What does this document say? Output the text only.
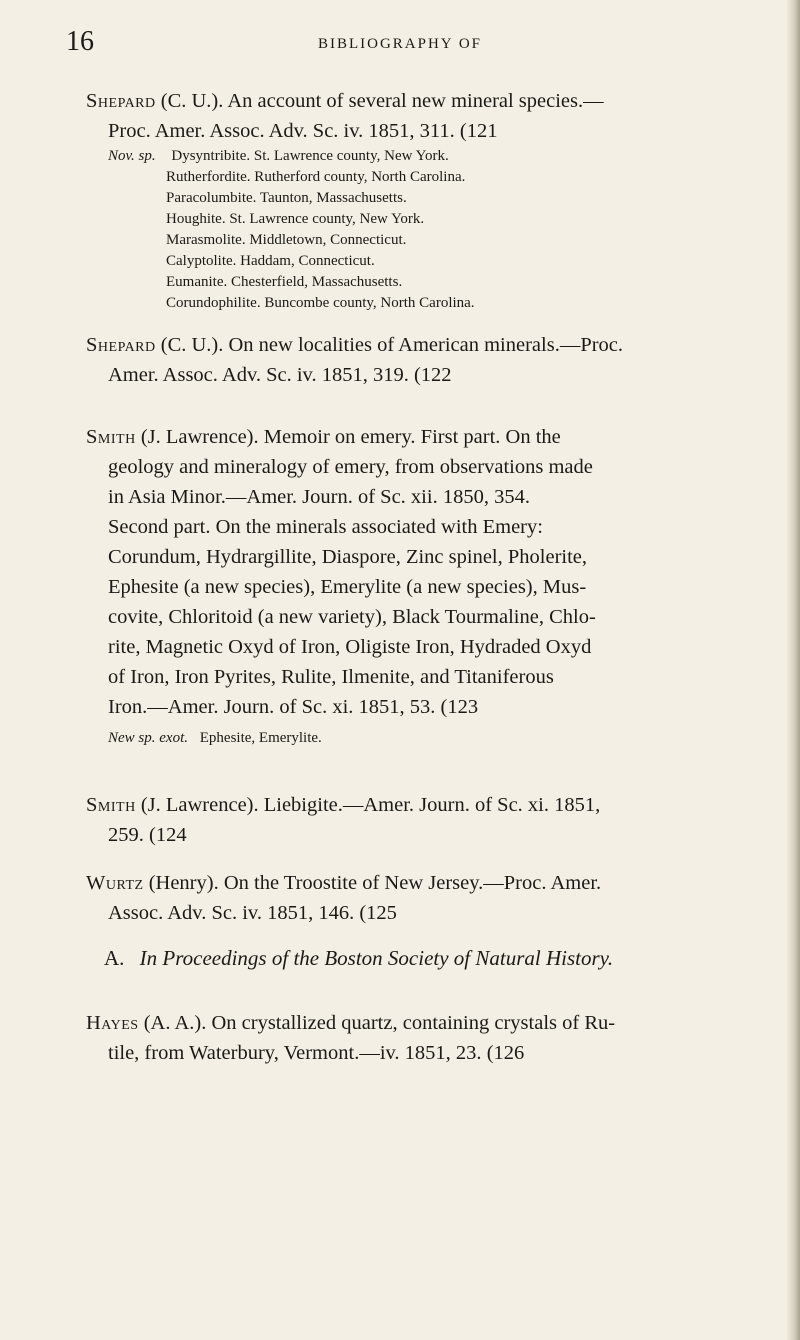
16	BIBLIOGRAPHY OF
Shepard (C. U.). An account of several new mineral species.—
Proc. Amer. Assoc. Adv. Sc. iv. 1851, 311. (121
Nov. sp. Dysyntribite. St. Lawrence county, New York.
Rutherfordite. Rutherford county, North Carolina.
Paracolumbite. Taunton, Massachusetts.
Houghite. St. Lawrence county, New York.
Marasmolite. Middletown, Connecticut.
Calyptolite. Haddam, Connecticut.
Eumanite. Chesterfield, Massachusetts.
Corundophilite. Buncombe county, North Carolina.
Shepard (C. U.). On new localities of American minerals.—Proc.
Amer. Assoc. Adv. Sc. iv. 1851, 319. (122
Smith (J. Lawrence). Memoir on emery. First part. On the
geology and mineralogy of emery, from observations made
in Asia Minor.—Amer. Journ. of Sc. xii. 1850, 354.
Second part. On the minerals associated with Emery:
Corundum, Hydrargillite, Diaspore, Zinc spinel, Pholerite,
Ephesite (a new species), Emerylite (a new species), Mus-
covite, Chloritoid (a new variety), Black Tourmaline, Chlo-
rite, Magnetic Oxyd of Iron, Oligiste Iron, Hydraded Oxyd
of Iron, Iron Pyrites, Rulite, Ilmenite, and Titaniferous
Iron.—Amer. Journ. of Sc. xi. 1851, 53. (123
New sp. exot. Ephesite, Emerylite.
Smith (J. Lawrence). Liebigite.—Amer. Journ. of Sc. xi. 1851,
259. (124
Wurtz (Henry). On the Troostite of New Jersey.—Proc. Amer.
Assoc. Adv. Sc. iv. 1851, 146. (125
A. In Proceedings of the Boston Society of Natural History.
Hayes (A. A.). On crystallized quartz, containing crystals of Ru-
tile, from Waterbury, Vermont.—iv. 1851, 23. (126
